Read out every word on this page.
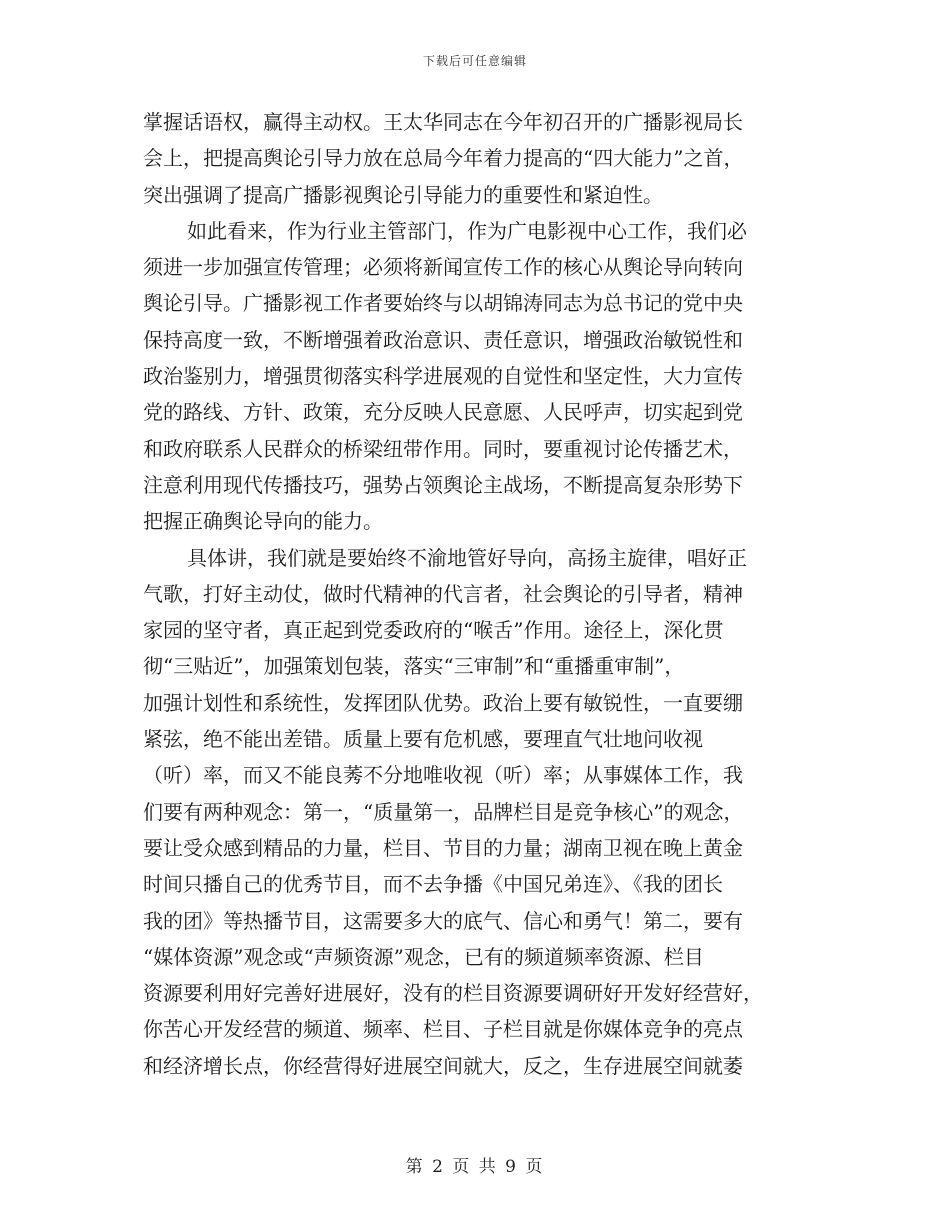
下载后可任意编辑
掌握话语权，赢得主动权。王太华同志在今年初召开的广播影视局长
会上，把提高舆论引导力放在总局今年着力提高的“四大能力”之首，
突出强调了提高广播影视舆论引导能力的重要性和紧迫性。
如此看来，作为行业主管部门，作为广电影视中心工作，我们必
须进一步加强宣传管理；必须将新闻宣传工作的核心从舆论导向转向
舆论引导。广播影视工作者要始终与以胡锦涛同志为总书记的党中央
保持高度一致，不断增强着政治意识、责任意识，增强政治敏锐性和
政治鉴别力，增强贯彻落实科学进展观的自觉性和坚定性，大力宣传
党的路线、方针、政策，充分反映人民意愿、人民呼声，切实起到党
和政府联系人民群众的桥梁纽带作用。同时，要重视讨论传播艺术，
注意利用现代传播技巧，强势占领舆论主战场，不断提高复杂形势下
把握正确舆论导向的能力。
具体讲，我们就是要始终不渝地管好导向，高扬主旋律，唱好正
气歌，打好主动仗，做时代精神的代言者，社会舆论的引导者，精神
家园的坚守者，真正起到党委政府的“喉舌”作用。途径上，深化贯
彻“三贴近”，加强策划包装，落实“三审制”和“重播重审制”，
加强计划性和系统性，发挥团队优势。政治上要有敏锐性，一直要绷
紧弦，绝不能出差错。质量上要有危机感，要理直气壮地问收视
（听）率，而又不能良莠不分地唯收视（听）率；从事媒体工作，我
们要有两种观念：第一，“质量第一，品牌栏目是竞争核心”的观念，
要让受众感到精品的力量，栏目、节目的力量；湖南卫视在晚上黄金
时间只播自己的优秀节目，而不去争播《中国兄弟连》、《我的团长
我的团》等热播节目，这需要多大的底气、信心和勇气！第二，要有
“媒体资源”观念或“声频资源”观念，已有的频道频率资源、栏目
资源要利用好完善好进展好，没有的栏目资源要调研好开发好经营好，
你苦心开发经营的频道、频率、栏目、子栏目就是你媒体竞争的亮点
和经济增长点，你经营得好进展空间就大，反之，生存进展空间就萎
第 2 页 共 9 页
